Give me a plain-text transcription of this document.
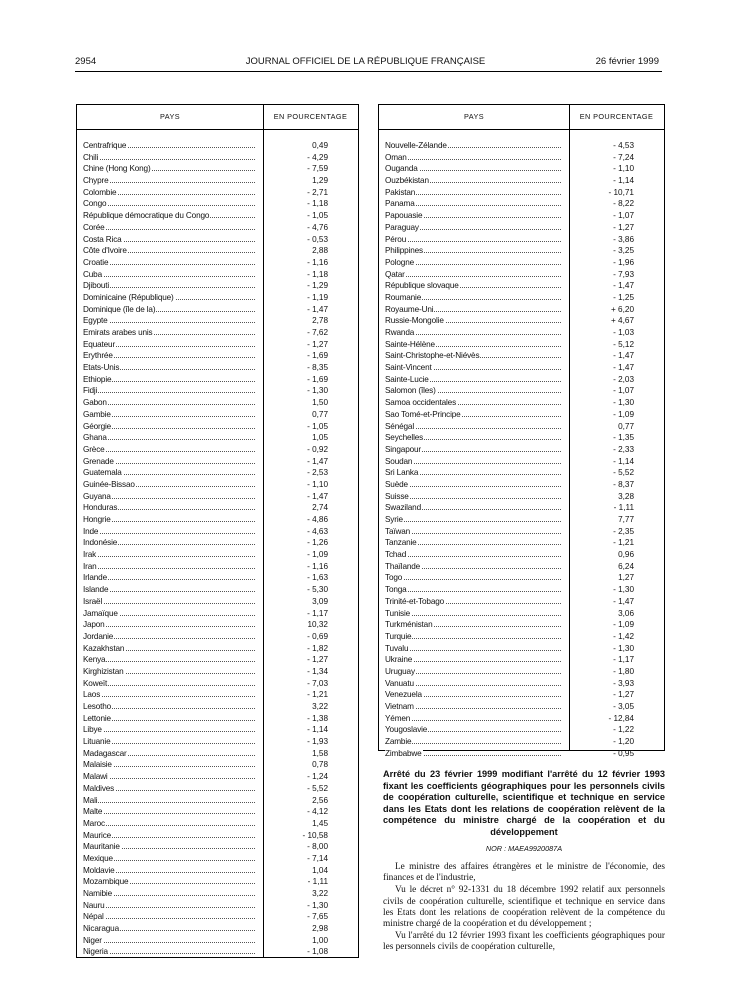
2954	JOURNAL OFFICIEL DE LA RÉPUBLIQUE FRANÇAISE	26 février 1999
PAYS	EN POURCENTAGE
Centrafrique	0,49
Chili	- 4,29
Chine (Hong Kong)	- 7,59
Chypre	1,29
Colombie	- 2,71
Congo	- 1,18
République démocratique du Congo	- 1,05
Corée	- 4,76
Costa Rica	- 0,53
Côte d'Ivoire	2,88
Croatie	- 1,16
Cuba	- 1,18
Djibouti	- 1,29
Dominicaine (République)	- 1,19
Dominique (île de la)	- 1,47
Egypte	2,78
Emirats arabes unis	- 7,62
Equateur	- 1,27
Erythrée	- 1,69
Etats-Unis	- 8,35
Ethiopie	- 1,69
Fidji	- 1,30
Gabon	1,50
Gambie	0,77
Géorgie	- 1,05
Ghana	1,05
Grèce	- 0,92
Grenade	- 1,47
Guatemala	- 2,53
Guinée-Bissao	- 1,10
Guyana	- 1,47
Honduras	2,74
Hongrie	- 4,86
Inde	- 4,63
Indonésie	- 1,26
Irak	- 1,09
Iran	- 1,16
Irlande	- 1,63
Islande	- 5,30
Israël	3,09
Jamaïque	- 1,17
Japon	10,32
Jordanie	- 0,69
Kazakhstan	- 1,82
Kenya	- 1,27
Kirghizistan	- 1,34
Koweït	- 7,03
Laos	- 1,21
Lesotho	3,22
Lettonie	- 1,38
Libye	- 1,14
Lituanie	- 1,93
Madagascar	1,58
Malaisie	0,78
Malawi	- 1,24
Maldives	- 5,52
Mali	2,56
Malte	- 4,12
Maroc	1,45
Maurice	- 10,58
Mauritanie	- 8,00
Mexique	- 7,14
Moldavie	1,04
Mozambique	- 1,11
Namibie	3,22
Nauru	- 1,30
Népal	- 7,65
Nicaragua	2,98
Niger	1,00
Nigeria	- 1,08
PAYS	EN POURCENTAGE
Nouvelle-Zélande	- 4,53
Oman	- 7,24
Ouganda	- 1,10
Ouzbékistan	- 1,14
Pakistan	- 10,71
Panama	- 8,22
Papouasie	- 1,07
Paraguay	- 1,27
Pérou	- 3,86
Philippines	- 3,25
Pologne	- 1,96
Qatar	- 7,93
République slovaque	- 1,47
Roumanie	- 1,25
Royaume-Uni	+ 6,20
Russie-Mongolie	+ 4,67
Rwanda	- 1,03
Sainte-Hélène	- 5,12
Saint-Christophe-et-Niévès	- 1,47
Saint-Vincent	- 1,47
Sainte-Lucie	- 2,03
Salomon (îles)	- 1,07
Samoa occidentales	- 1,30
Sao Tomé-et-Principe	- 1,09
Sénégal	0,77
Seychelles	- 1,35
Singapour	- 2,33
Soudan	- 1,14
Sri Lanka	- 5,52
Suède	- 8,37
Suisse	3,28
Swaziland	- 1,11
Syrie	7,77
Taïwan	- 2,35
Tanzanie	- 1,21
Tchad	0,96
Thaïlande	6,24
Togo	1,27
Tonga	- 1,30
Trinité-et-Tobago	- 1,47
Tunisie	3,06
Turkménistan	- 1,09
Turquie	- 1,42
Tuvalu	- 1,30
Ukraine	- 1,17
Uruguay	- 1,80
Vanuatu	- 3,93
Venezuela	- 1,27
Vietnam	- 3,05
Yémen	- 12,84
Yougoslavie	- 1,22
Zambie	- 1,20
Zimbabwe	- 0,95

Arrêté du 23 février 1999 modifiant l'arrêté du 12 février 1993 fixant les coefficients géographiques pour les personnels civils de coopération culturelle, scientifique et technique en service dans les Etats dont les relations de coopération relèvent de la compétence du ministre chargé de la coopération et du développement

NOR : MAEA9920087A

Le ministre des affaires étrangères et le ministre de l'économie, des finances et de l'industrie,

Vu le décret n° 92-1331 du 18 décembre 1992 relatif aux personnels civils de coopération culturelle, scientifique et technique en service dans les Etats dont les relations de coopération relèvent de la compétence du ministre chargé de la coopération et du développement ;

Vu l'arrêté du 12 février 1993 fixant les coefficients géographiques pour les personnels civils de coopération culturelle,
